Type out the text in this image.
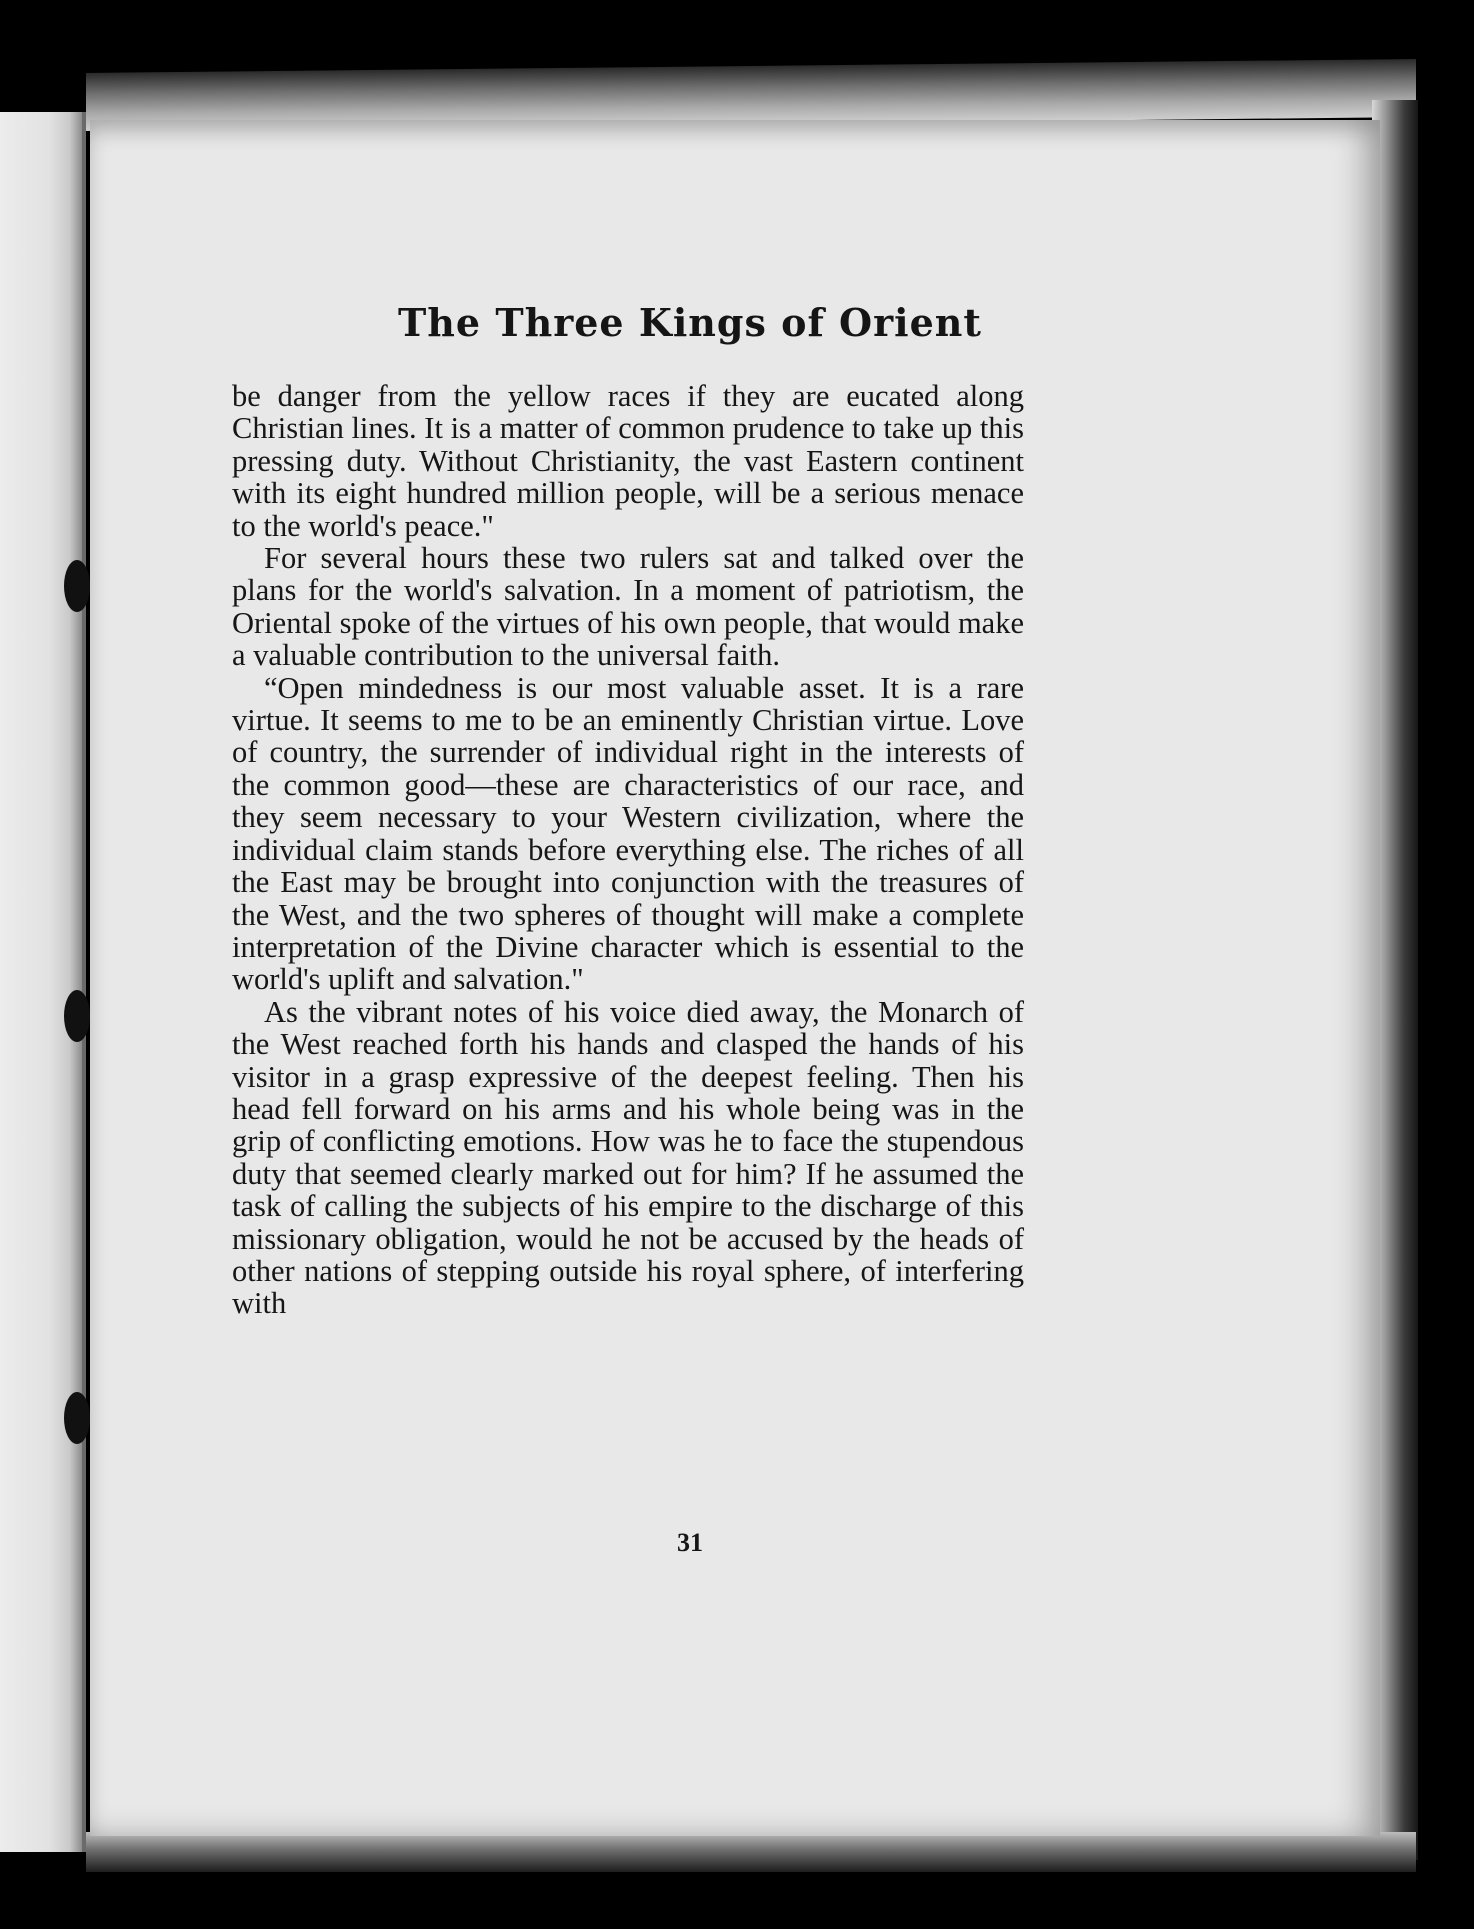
The Three Kings of Orient

be danger from the yellow races if they are eucated along Christian lines. It is a matter of common prudence to take up this pressing duty. Without Christianity, the vast Eastern continent with its eight hundred million people, will be a serious menace to the world's peace."

For several hours these two rulers sat and talked over the plans for the world's salvation. In a moment of patriotism, the Oriental spoke of the virtues of his own people, that would make a valuable contribution to the universal faith.

“Open mindedness is our most valuable asset. It is a rare virtue. It seems to me to be an eminently Christian virtue. Love of country, the surrender of individual right in the interests of the common good—these are characteristics of our race, and they seem necessary to your Western civilization, where the individual claim stands before everything else. The riches of all the East may be brought into conjunction with the treasures of the West, and the two spheres of thought will make a complete interpretation of the Divine character which is essential to the world's uplift and salvation."

As the vibrant notes of his voice died away, the Monarch of the West reached forth his hands and clasped the hands of his visitor in a grasp expressive of the deepest feeling. Then his head fell forward on his arms and his whole being was in the grip of conflicting emotions. How was he to face the stupendous duty that seemed clearly marked out for him? If he assumed the task of calling the subjects of his empire to the discharge of this missionary obligation, would he not be accused by the heads of other nations of stepping outside his royal sphere, of interfering with

31
